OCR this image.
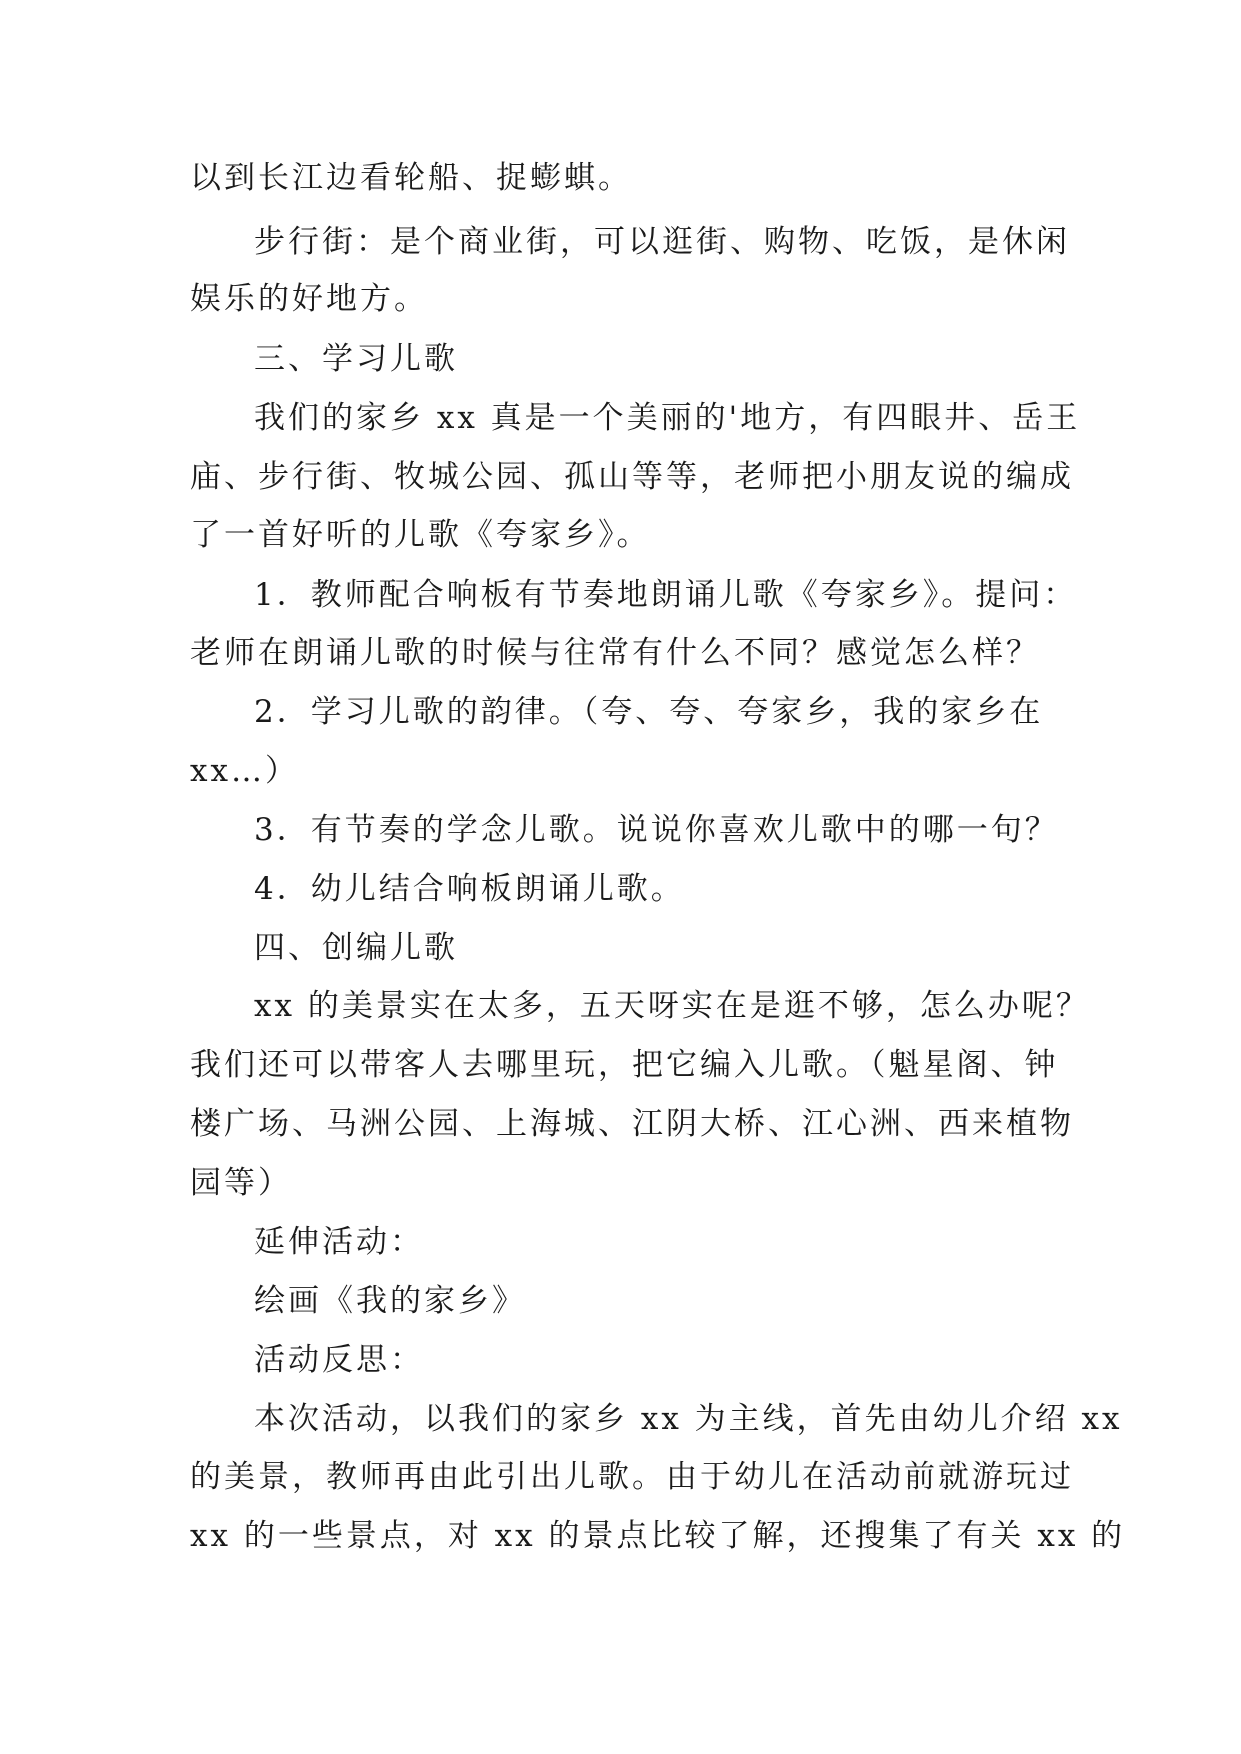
以到长江边看轮船、捉蟛蜞。
步行街：是个商业街，可以逛街、购物、吃饭，是休闲
娱乐的好地方。
三、学习儿歌
我们的家乡 xx 真是一个美丽的'地方，有四眼井、岳王
庙、步行街、牧城公园、孤山等等，老师把小朋友说的编成
了一首好听的儿歌《夸家乡》。
1．教师配合响板有节奏地朗诵儿歌《夸家乡》。提问：
老师在朗诵儿歌的时候与往常有什么不同？感觉怎么样？
2．学习儿歌的韵律。（夸、夸、夸家乡，我的家乡在
xx…）
3．有节奏的学念儿歌。说说你喜欢儿歌中的哪一句？
4．幼儿结合响板朗诵儿歌。
四、创编儿歌
xx 的美景实在太多，五天呀实在是逛不够，怎么办呢？
我们还可以带客人去哪里玩，把它编入儿歌。（魁星阁、钟
楼广场、马洲公园、上海城、江阴大桥、江心洲、西来植物
园等）
延伸活动：
绘画《我的家乡》
活动反思：
本次活动，以我们的家乡 xx 为主线，首先由幼儿介绍 xx
的美景，教师再由此引出儿歌。由于幼儿在活动前就游玩过
xx 的一些景点，对 xx 的景点比较了解，还搜集了有关 xx 的
